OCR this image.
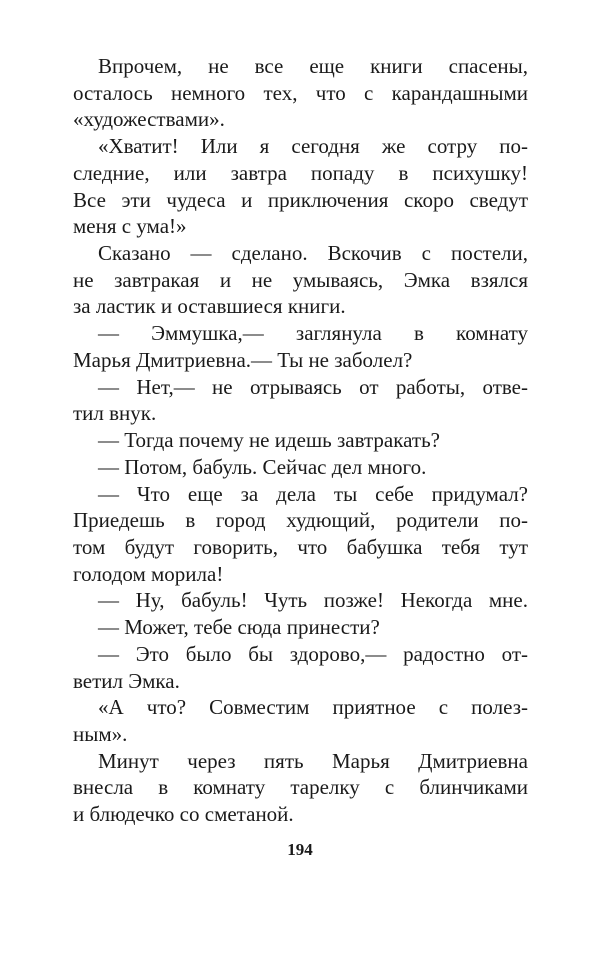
Впрочем, не все еще книги спасены,
осталось немного тех, что с карандашными
«художествами».
«Хватит! Или я сегодня же сотру по-
следние, или завтра попаду в психушку!
Все эти чудеса и приключения скоро сведут
меня с ума!»
Сказано — сделано. Вскочив с постели,
не завтракая и не умываясь, Эмка взялся
за ластик и оставшиеся книги.
— Эммушка,— заглянула в комнату
Марья Дмитриевна.— Ты не заболел?
— Нет,— не отрываясь от работы, отве-
тил внук.
— Тогда почему не идешь завтракать?
— Потом, бабуль. Сейчас дел много.
— Что еще за дела ты себе придумал?
Приедешь в город худющий, родители по-
том будут говорить, что бабушка тебя тут
голодом морила!
— Ну, бабуль! Чуть позже! Некогда мне.
— Может, тебе сюда принести?
— Это было бы здорово,— радостно от-
ветил Эмка.
«А что? Совместим приятное с полез-
ным».
Минут через пять Марья Дмитриевна
внесла в комнату тарелку с блинчиками
и блюдечко со сметаной.
194
